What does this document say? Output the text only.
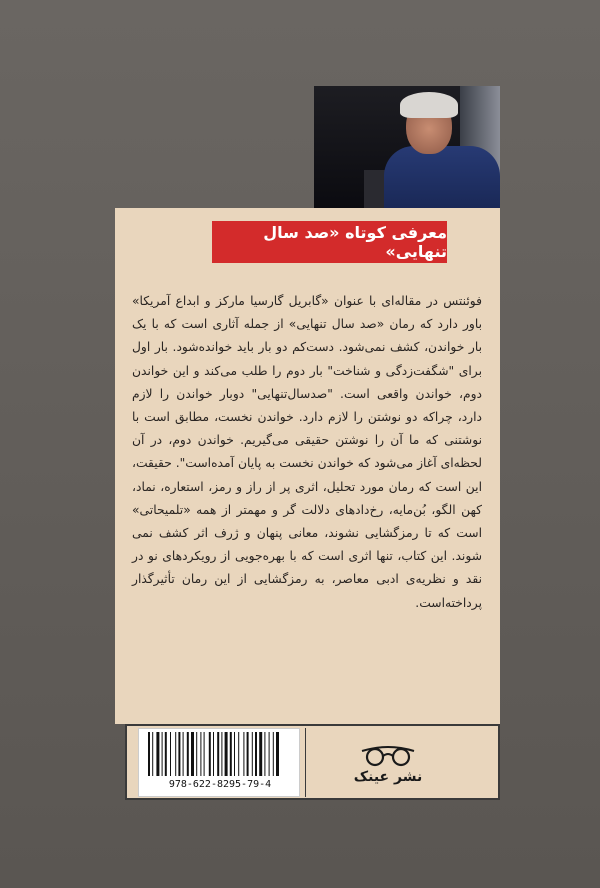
معرفی کوتاه «صد سال تنهایی»

فوئنتس در مقاله‌ای با عنوان «گابریل گارسیا مارکز و ابداع آمریکا» باور دارد که رمان «صد سال تنهایی» از جمله آثاری است که با یک بار خواندن، کشف نمی‌شود. دست‌کم دو بار باید خوانده‌شود. بار اول برای "شگفت‌زدگی و شناخت" بار دوم را طلب می‌کند و این خواندن دوم، خواندن واقعی است. "صدسال‌تنهایی" دوبار خواندن را لازم دارد، چراکه دو نوشتن را لازم دارد. خواندن نخست، مطابق است با نوشتنی که ما آن را نوشتن حقیقی می‌گیریم. خواندن دوم، در آن لحظه‌ای آغاز می‌شود که خواندن نخست به پایان آمده‌است". حقیقت، این است که رمان مورد تحلیل، اثری پر از راز و رمز، استعاره، نماد، کهن الگو، بُن‌مایه، رخ‌دادهای دلالت گر و مهمتر از همه «تلمیحاتی» است که تا رمزگشایی نشوند، معانی پنهان و ژرف اثر کشف نمی شوند. این کتاب، تنها اثری است که با بهره‌جویی از رویکردهای نو در نقد و نظریه‌ی ادبی معاصر، به رمزگشایی از این رمان تأثیرگذار پرداخته‌است.

978-622-8295-79-4	نشر عینک
